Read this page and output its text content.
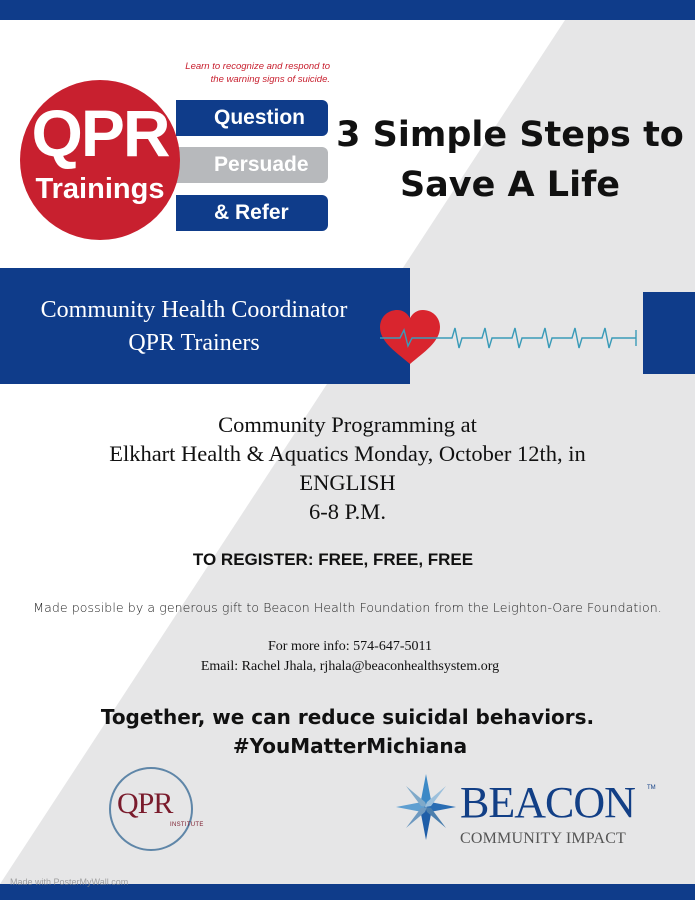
Learn to recognize and respond to
the warning signs of suicide.
Question
Persuade
& Refer
QPR
Trainings
3 Simple Steps to
Save A Life
Community Health Coordinator
QPR Trainers
Community Programming at
Elkhart Health & Aquatics Monday, October 12th, in
ENGLISH
6-8 P.M.
TO REGISTER: FREE, FREE, FREE
Made possible by a generous gift to Beacon Health Foundation from the Leighton-Oare Foundation.
For more info: 574-647-5011
Email: Rachel Jhala, rjhala@beaconhealthsystem.org
Together, we can reduce suicidal behaviors.
#YouMatterMichiana
QPR
INSTITUTE	BEACON TM
COMMUNITY IMPACT
Made with PosterMyWall.com
